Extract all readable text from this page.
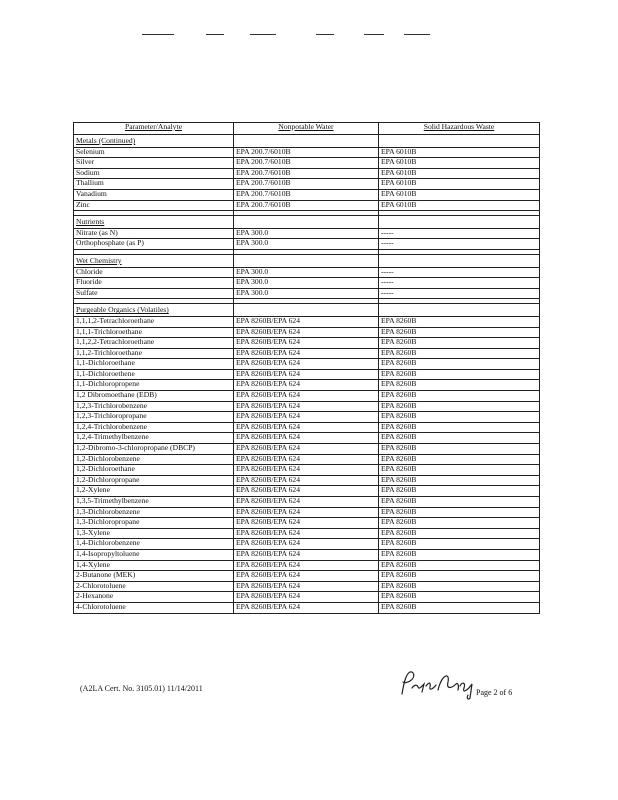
Parameter/Analyte	Nonpotable Water	Solid Hazardous Waste
Metals (Continued)		
Selenium	EPA 200.7/6010B	EPA 6010B
Silver	EPA 200.7/6010B	EPA 6010B
Sodium	EPA 200.7/6010B	EPA 6010B
Thallium	EPA 200.7/6010B	EPA 6010B
Vanadium	EPA 200.7/6010B	EPA 6010B
Zinc	EPA 200.7/6010B	EPA 6010B

Nutrients		
Nitrate (as N)	EPA 300.0	-----
Orthophosphate (as P)	EPA 300.0	-----

Wet Chemistry		
Chloride	EPA 300.0	-----
Fluoride	EPA 300.0	-----
Sulfate	EPA 300.0	-----

Purgeable Organics (Volatiles)		
1,1,1,2-Tetrachloroethane	EPA 8260B/EPA 624	EPA 8260B
1,1,1-Trichloroethane	EPA 8260B/EPA 624	EPA 8260B
1,1,2,2-Tetrachloroethane	EPA 8260B/EPA 624	EPA 8260B
1,1,2-Trichloroethane	EPA 8260B/EPA 624	EPA 8260B
1,1-Dichloroethane	EPA 8260B/EPA 624	EPA 8260B
1,1-Dichloroethene	EPA 8260B/EPA 624	EPA 8260B
1,1-Dichloropropene	EPA 8260B/EPA 624	EPA 8260B
1,2 Dibromoethane (EDB)	EPA 8260B/EPA 624	EPA 8260B
1,2,3-Trichlorobenzene	EPA 8260B/EPA 624	EPA 8260B
1,2,3-Trichloropropane	EPA 8260B/EPA 624	EPA 8260B
1,2,4-Trichlorobenzene	EPA 8260B/EPA 624	EPA 8260B
1,2,4-Trimethylbenzene	EPA 8260B/EPA 624	EPA 8260B
1,2-Dibromo-3-chloropropane (DBCP)	EPA 8260B/EPA 624	EPA 8260B
1,2-Dichlorobenzene	EPA 8260B/EPA 624	EPA 8260B
1,2-Dichloroethane	EPA 8260B/EPA 624	EPA 8260B
1,2-Dichloropropane	EPA 8260B/EPA 624	EPA 8260B
1,2-Xylene	EPA 8260B/EPA 624	EPA 8260B
1,3,5-Trimethylbenzene	EPA 8260B/EPA 624	EPA 8260B
1,3-Dichlorobenzene	EPA 8260B/EPA 624	EPA 8260B
1,3-Dichloropropane	EPA 8260B/EPA 624	EPA 8260B
1,3-Xylene	EPA 8260B/EPA 624	EPA 8260B
1,4-Dichlorobenzene	EPA 8260B/EPA 624	EPA 8260B
1,4-Isopropyltoluene	EPA 8260B/EPA 624	EPA 8260B
1,4-Xylene	EPA 8260B/EPA 624	EPA 8260B
2-Butanone (MEK)	EPA 8260B/EPA 624	EPA 8260B
2-Chlorotoluene	EPA 8260B/EPA 624	EPA 8260B
2-Hexanone	EPA 8260B/EPA 624	EPA 8260B
4-Chlorotoluene	EPA 8260B/EPA 624	EPA 8260B
(A2LA Cert. No. 3105.01) 11/14/2011	Page 2 of 6
